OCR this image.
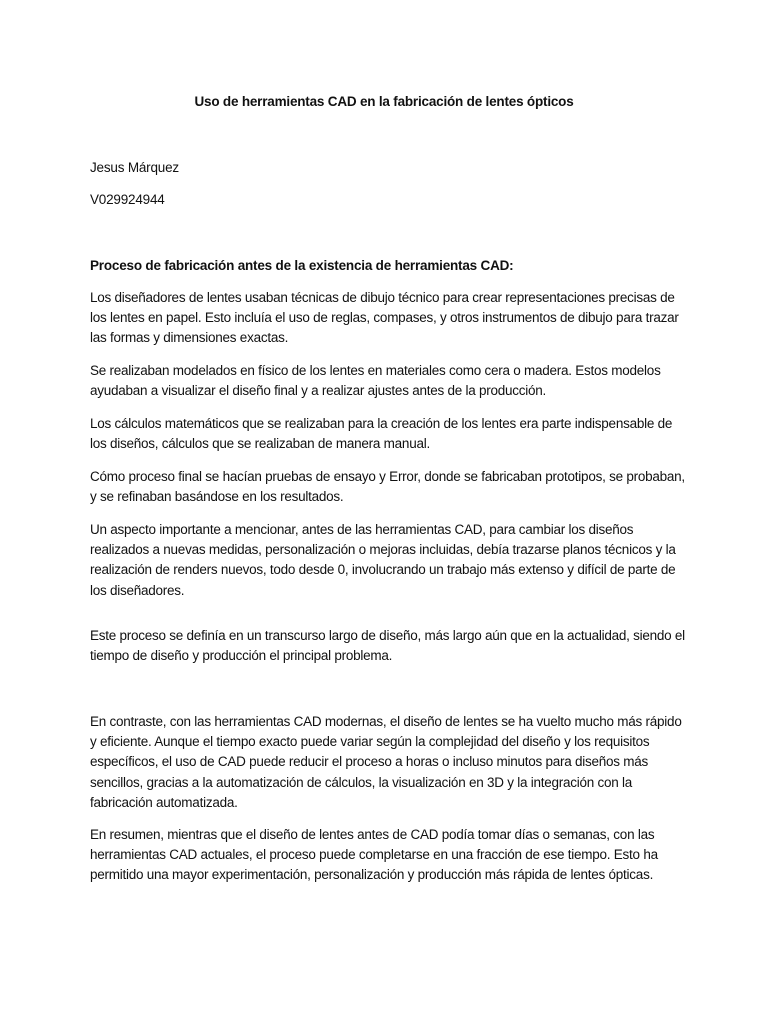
Uso de herramientas CAD en la fabricación de lentes ópticos
Jesus Márquez
V029924944
Proceso de fabricación antes de la existencia de herramientas CAD:

Los diseñadores de lentes usaban técnicas de dibujo técnico para crear representaciones precisas de los lentes en papel. Esto incluía el uso de reglas, compases, y otros instrumentos de dibujo para trazar las formas y dimensiones exactas.

Se realizaban modelados en físico de los lentes en materiales como cera o madera. Estos modelos ayudaban a visualizar el diseño final y a realizar ajustes antes de la producción.

Los cálculos matemáticos que se realizaban para la creación de los lentes era parte indispensable de los diseños, cálculos que se realizaban de manera manual.

Cómo proceso final se hacían pruebas de ensayo y Error, donde se fabricaban prototipos, se probaban, y se refinaban basándose en los resultados.

Un aspecto importante a mencionar, antes de las herramientas CAD, para cambiar los diseños realizados a nuevas medidas, personalización o mejoras incluidas, debía trazarse planos técnicos y la realización de renders nuevos, todo desde 0, involucrando un trabajo más extenso y difícil de parte de los diseñadores.

Este proceso se definía en un transcurso largo de diseño, más largo aún que en la actualidad, siendo el tiempo de diseño y producción el principal problema.

En contraste, con las herramientas CAD modernas, el diseño de lentes se ha vuelto mucho más rápido y eficiente. Aunque el tiempo exacto puede variar según la complejidad del diseño y los requisitos específicos, el uso de CAD puede reducir el proceso a horas o incluso minutos para diseños más sencillos, gracias a la automatización de cálculos, la visualización en 3D y la integración con la fabricación automatizada.

En resumen, mientras que el diseño de lentes antes de CAD podía tomar días o semanas, con las herramientas CAD actuales, el proceso puede completarse en una fracción de ese tiempo. Esto ha permitido una mayor experimentación, personalización y producción más rápida de lentes ópticas.
